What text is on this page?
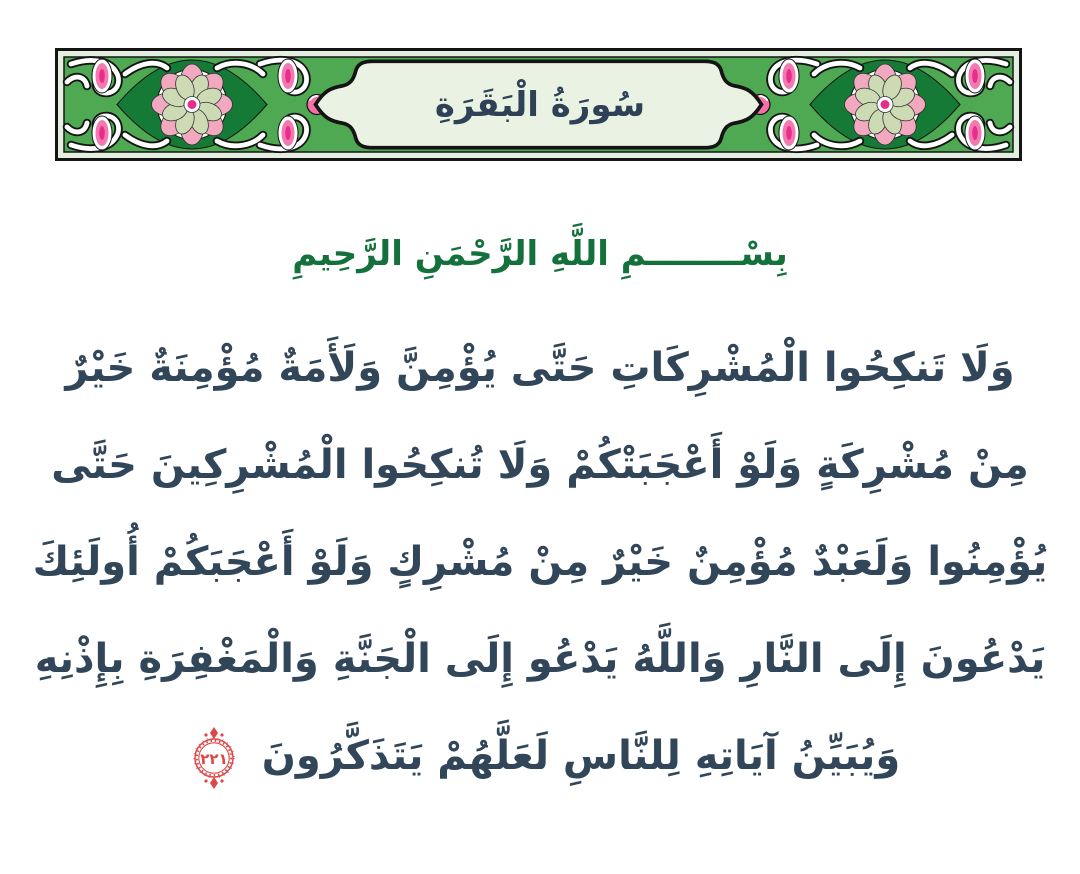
سُورَةُ الْبَقَرَةِ
بِسْــــــــمِ اللَّهِ الرَّحْمَنِ الرَّحِيمِ
وَلَا تَنكِحُوا الْمُشْرِكَاتِ حَتَّى يُؤْمِنَّ وَلَأَمَةٌ مُؤْمِنَةٌ خَيْرٌ
مِنْ مُشْرِكَةٍ وَلَوْ أَعْجَبَتْكُمْ وَلَا تُنكِحُوا الْمُشْرِكِينَ حَتَّى
يُؤْمِنُوا وَلَعَبْدٌ مُؤْمِنٌ خَيْرٌ مِنْ مُشْرِكٍ وَلَوْ أَعْجَبَكُمْ أُولَئِكَ
يَدْعُونَ إِلَى النَّارِ وَاللَّهُ يَدْعُو إِلَى الْجَنَّةِ وَالْمَغْفِرَةِ بِإِذْنِهِ
وَيُبَيِّنُ آيَاتِهِ لِلنَّاسِ لَعَلَّهُمْ يَتَذَكَّرُونَ
٢٢١
